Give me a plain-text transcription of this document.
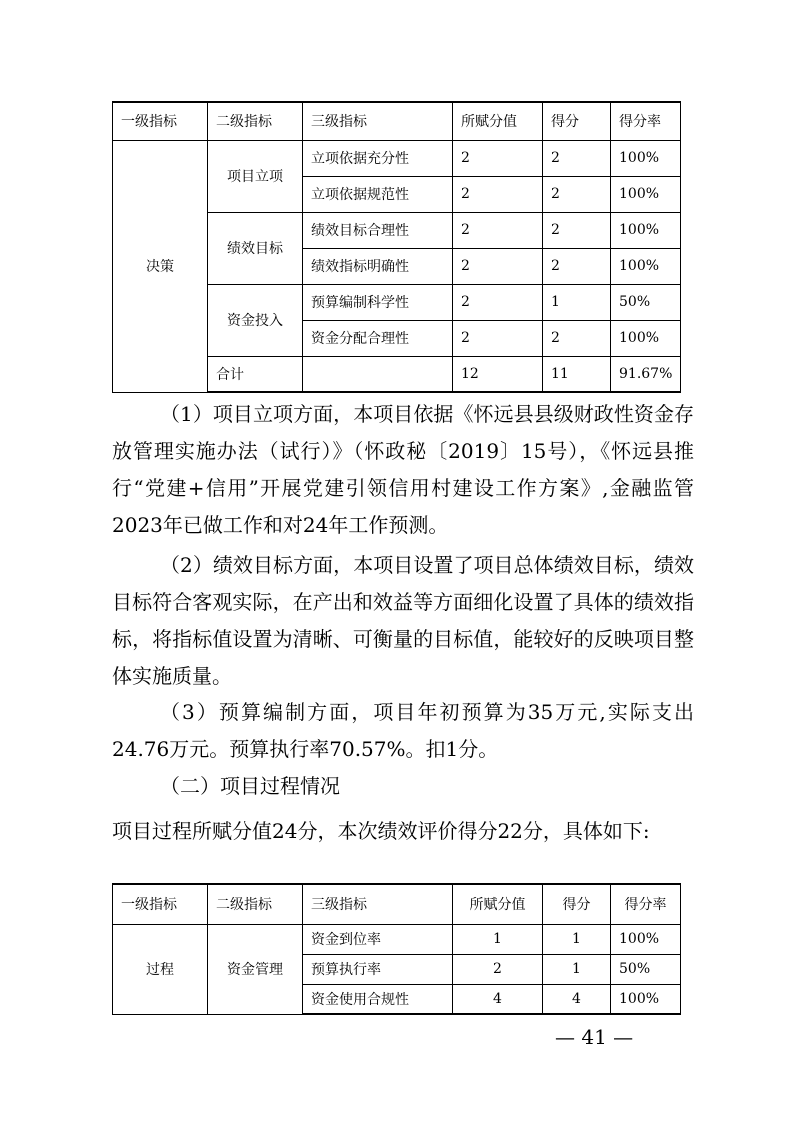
一级指标	二级指标	三级指标	所赋分值	得分	得分率
决策	项目立项	立项依据充分性	2	2	100%
		立项依据规范性	2	2	100%
	绩效目标	绩效目标合理性	2	2	100%
		绩效指标明确性	2	2	100%
	资金投入	预算编制科学性	2	1	50%
		资金分配合理性	2	2	100%
	合计		12	11	91.67%

（1）项目立项方面，本项目依据《怀远县县级财政性资金存放管理实施办法（试行）》（怀政秘〔2019〕15号），《怀远县推行“党建+信用”开展党建引领信用村建设工作方案》,金融监管2023年已做工作和对24年工作预测。

（2）绩效目标方面，本项目设置了项目总体绩效目标，绩效目标符合客观实际，在产出和效益等方面细化设置了具体的绩效指标，将指标值设置为清晰、可衡量的目标值，能较好的反映项目整体实施质量。

（3）预算编制方面，项目年初预算为35万元,实际支出24.76万元。预算执行率70.57%。扣1分。

（二）项目过程情况

项目过程所赋分值24分，本次绩效评价得分22分，具体如下:

一级指标	二级指标	三级指标	所赋分值	得分	得分率
过程	资金管理	资金到位率	1	1	100%
		预算执行率	2	1	50%
		资金使用合规性	4	4	100%
— 41 —
